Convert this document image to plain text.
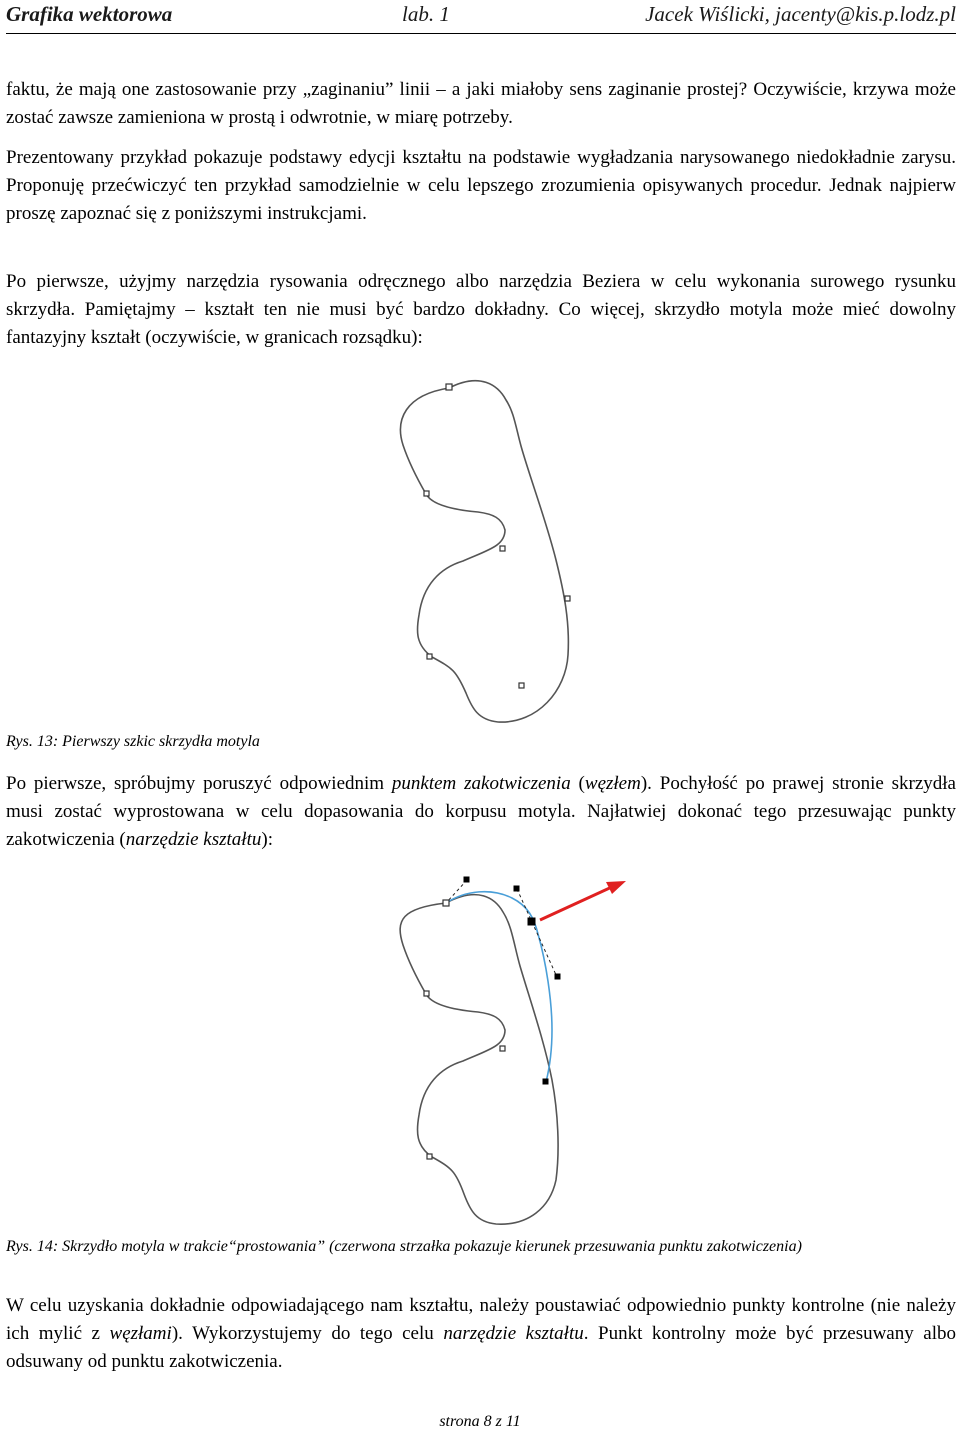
Grafika wektorowa	lab. 1	Jacek Wiślicki, jacenty@kis.p.lodz.pl
faktu, że mają one zastosowanie przy „zaginaniu” linii – a jaki miałoby sens zaginanie prostej? Oczywiście, krzywa może zostać zawsze zamieniona w prostą i odwrotnie, w miarę potrzeby.
Prezentowany przykład pokazuje podstawy edycji kształtu na podstawie wygładzania narysowanego niedokładnie zarysu. Proponuję przećwiczyć ten przykład samodzielnie w celu lepszego zrozumienia opisywanych procedur. Jednak najpierw proszę zapoznać się z poniższymi instrukcjami.
Po pierwsze, użyjmy narzędzia rysowania odręcznego albo narzędzia Beziera w celu wykonania surowego rysunku skrzydła. Pamiętajmy – kształt ten nie musi być bardzo dokładny. Co więcej, skrzydło motyla może mieć dowolny fantazyjny kształt (oczywiście, w granicach rozsądku):
Rys. 13: Pierwszy szkic skrzydła motyla
Po pierwsze, spróbujmy poruszyć odpowiednim punktem zakotwiczenia (węzłem). Pochyłość po prawej stronie skrzydła musi zostać wyprostowana w celu dopasowania do korpusu motyla. Najłatwiej dokonać tego przesuwając punkty zakotwiczenia (narzędzie kształtu):
Rys. 14: Skrzydło motyla w trakcie“prostowania” (czerwona strzałka pokazuje kierunek przesuwania punktu zakotwiczenia)
W celu uzyskania dokładnie odpowiadającego nam kształtu, należy poustawiać odpowiednio punkty kontrolne (nie należy ich mylić z węzłami). Wykorzystujemy do tego celu narzędzie kształtu. Punkt kontrolny może być przesuwany albo odsuwany od punktu zakotwiczenia.
strona 8 z 11
